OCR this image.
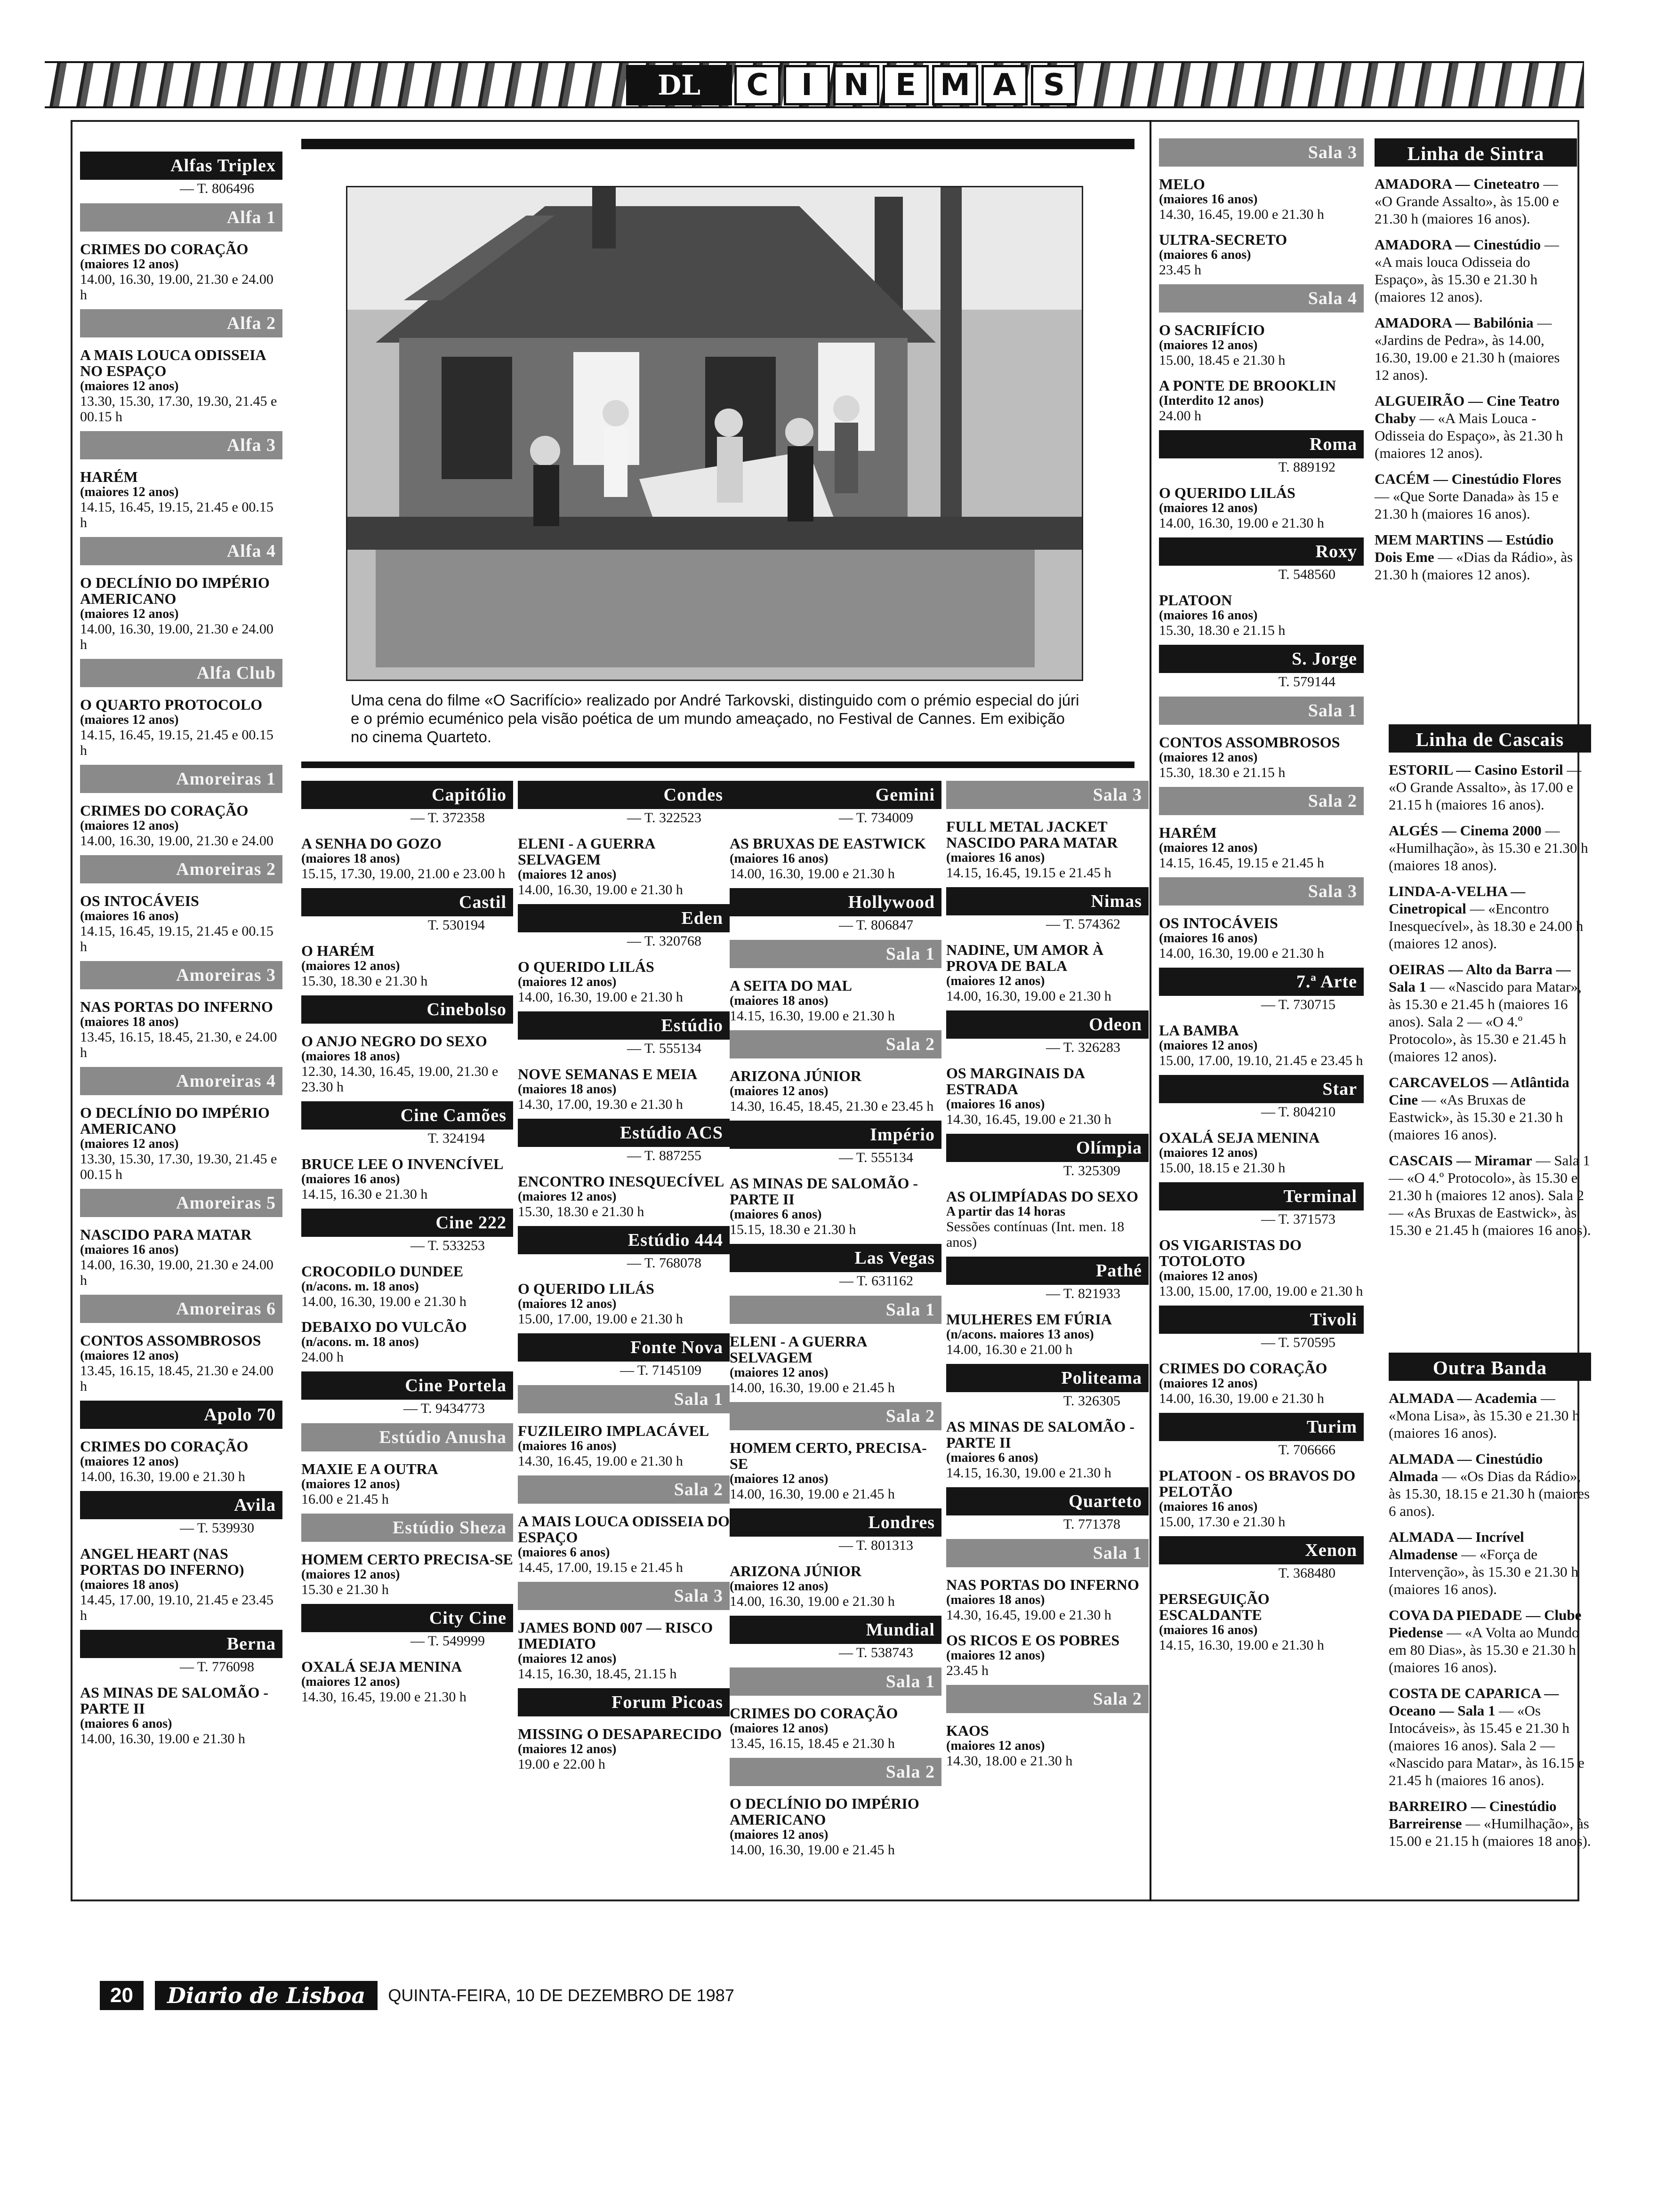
DL	C	I	N E M A S
Uma cena do filme «O Sacrifício» realizado por André Tarkovski, distinguido com o prémio especial do júri e o prémio ecuménico pela visão poética de um mundo ameaçado, no Festival de Cannes. Em exibição no cinema Quarteto.
Alfas Triplex
— T. 806496
Alfa 1
CRIMES DO CORAÇÃO
(maiores 12 anos)
14.00, 16.30, 19.00, 21.30 e 24.00 h
Alfa 2
A MAIS LOUCA ODISSEIA NO ESPAÇO
(maiores 12 anos)
13.30, 15.30, 17.30, 19.30, 21.45 e 00.15 h
Alfa 3
HARÉM
(maiores 12 anos)
14.15, 16.45, 19.15, 21.45 e 00.15 h
Alfa 4
O DECLÍNIO DO IMPÉRIO AMERICANO
(maiores 12 anos)
14.00, 16.30, 19.00, 21.30 e 24.00 h
Alfa Club
O QUARTO PROTOCOLO
(maiores 12 anos)
14.15, 16.45, 19.15, 21.45 e 00.15 h
Amoreiras 1
CRIMES DO CORAÇÃO
(maiores 12 anos)
14.00, 16.30, 19.00, 21.30 e 24.00
Amoreiras 2
OS INTOCÁVEIS
(maiores 16 anos)
14.15, 16.45, 19.15, 21.45 e 00.15 h
Amoreiras 3
NAS PORTAS DO INFERNO
(maiores 18 anos)
13.45, 16.15, 18.45, 21.30, e 24.00 h
Amoreiras 4
O DECLÍNIO DO IMPÉRIO AMERICANO
(maiores 12 anos)
13.30, 15.30, 17.30, 19.30, 21.45 e 00.15 h
Amoreiras 5
NASCIDO PARA MATAR
(maiores 16 anos)
14.00, 16.30, 19.00, 21.30 e 24.00 h
Amoreiras 6
CONTOS ASSOMBROSOS
(maiores 12 anos)
13.45, 16.15, 18.45, 21.30 e 24.00 h
Apolo 70
CRIMES DO CORAÇÃO
(maiores 12 anos)
14.00, 16.30, 19.00 e 21.30 h
Avila
— T. 539930
ANGEL HEART (NAS PORTAS DO INFERNO)
(maiores 18 anos)
14.45, 17.00, 19.10, 21.45 e 23.45 h
Berna
— T. 776098
AS MINAS DE SALOMÃO - PARTE II
(maiores 6 anos)
14.00, 16.30, 19.00 e 21.30 h
Capitólio
— T. 372358
A SENHA DO GOZO
(maiores 18 anos)
15.15, 17.30, 19.00, 21.00 e 23.00 h
Castil
T. 530194
O HARÉM
(maiores 12 anos)
15.30, 18.30 e 21.30 h
Cinebolso
O ANJO NEGRO DO SEXO
(maiores 18 anos)
12.30, 14.30, 16.45, 19.00, 21.30 e 23.30 h
Cine Camões
T. 324194
BRUCE LEE O INVENCÍVEL
(maiores 16 anos)
14.15, 16.30 e 21.30 h
Cine 222
— T. 533253
CROCODILO DUNDEE
(n/acons. m. 18 anos)
14.00, 16.30, 19.00 e 21.30 h
DEBAIXO DO VULCÃO
(n/acons. m. 18 anos)
24.00 h
Cine Portela
— T. 9434773
Estúdio Anusha
MAXIE E A OUTRA
(maiores 12 anos)
16.00 e 21.45 h
Estúdio Sheza
HOMEM CERTO PRECISA-SE
(maiores 12 anos)
15.30 e 21.30 h
City Cine
— T. 549999
OXALÁ SEJA MENINA
(maiores 12 anos)
14.30, 16.45, 19.00 e 21.30 h
Condes
— T. 322523
ELENI - A GUERRA SELVAGEM
(maiores 12 anos)
14.00, 16.30, 19.00 e 21.30 h
Eden
— T. 320768
O QUERIDO LILÁS
(maiores 12 anos)
14.00, 16.30, 19.00 e 21.30 h
Estúdio
— T. 555134
NOVE SEMANAS E MEIA
(maiores 18 anos)
14.30, 17.00, 19.30 e 21.30 h
Estúdio ACS
— T. 887255
ENCONTRO INESQUECÍVEL
(maiores 12 anos)
15.30, 18.30 e 21.30 h
Estúdio 444
— T. 768078
O QUERIDO LILÁS
(maiores 12 anos)
15.00, 17.00, 19.00 e 21.30 h
Fonte Nova
— T. 7145109
Sala 1
FUZILEIRO IMPLACÁVEL
(maiores 16 anos)
14.30, 16.45, 19.00 e 21.30 h
Sala 2
A MAIS LOUCA ODISSEIA DO ESPAÇO
(maiores 6 anos)
14.45, 17.00, 19.15 e 21.45 h
Sala 3
JAMES BOND 007 — RISCO IMEDIATO
(maiores 12 anos)
14.15, 16.30, 18.45, 21.15 h
Forum Picoas
MISSING O DESAPARECIDO
(maiores 12 anos)
19.00 e 22.00 h
Gemini
— T. 734009
AS BRUXAS DE EASTWICK
(maiores 16 anos)
14.00, 16.30, 19.00 e 21.30 h
Hollywood
— T. 806847
Sala 1
A SEITA DO MAL
(maiores 18 anos)
14.15, 16.30, 19.00 e 21.30 h
Sala 2
ARIZONA JÚNIOR
(maiores 12 anos)
14.30, 16.45, 18.45, 21.30 e 23.45 h
Império
— T. 555134
AS MINAS DE SALOMÃO - PARTE II
(maiores 6 anos)
15.15, 18.30 e 21.30 h
Las Vegas
— T. 631162
Sala 1
ELENI - A GUERRA SELVAGEM
(maiores 12 anos)
14.00, 16.30, 19.00 e 21.45 h
Sala 2
HOMEM CERTO, PRECISA-SE
(maiores 12 anos)
14.00, 16.30, 19.00 e 21.45 h
Londres
— T. 801313
ARIZONA JÚNIOR
(maiores 12 anos)
14.00, 16.30, 19.00 e 21.30 h
Mundial
— T. 538743
Sala 1
CRIMES DO CORAÇÃO
(maiores 12 anos)
13.45, 16.15, 18.45 e 21.30 h
Sala 2
O DECLÍNIO DO IMPÉRIO AMERICANO
(maiores 12 anos)
14.00, 16.30, 19.00 e 21.45 h
Sala 3
FULL METAL JACKET NASCIDO PARA MATAR
(maiores 16 anos)
14.15, 16.45, 19.15 e 21.45 h
Nimas
— T. 574362
NADINE, UM AMOR À PROVA DE BALA
(maiores 12 anos)
14.00, 16.30, 19.00 e 21.30 h
Odeon
— T. 326283
OS MARGINAIS DA ESTRADA
(maiores 16 anos)
14.30, 16.45, 19.00 e 21.30 h
Olímpia
T. 325309
AS OLIMPÍADAS DO SEXO
A partir das 14 horas
Sessões contínuas (Int. men. 18 anos)
Pathé
— T. 821933
MULHERES EM FÚRIA
(n/acons. maiores 13 anos)
14.00, 16.30 e 21.00 h
Politeama
T. 326305
AS MINAS DE SALOMÃO - PARTE II
(maiores 6 anos)
14.15, 16.30, 19.00 e 21.30 h
Quarteto
T. 771378
Sala 1
NAS PORTAS DO INFERNO
(maiores 18 anos)
14.30, 16.45, 19.00 e 21.30 h
OS RICOS E OS POBRES
(maiores 12 anos)
23.45 h
Sala 2
KAOS
(maiores 12 anos)
14.30, 18.00 e 21.30 h
Sala 3
MELO
(maiores 16 anos)
14.30, 16.45, 19.00 e 21.30 h
ULTRA-SECRETO
(maiores 6 anos)
23.45 h
Sala 4
O SACRIFÍCIO
(maiores 12 anos)
15.00, 18.45 e 21.30 h
A PONTE DE BROOKLIN
(Interdito 12 anos)
24.00 h
Roma
T. 889192
O QUERIDO LILÁS
(maiores 12 anos)
14.00, 16.30, 19.00 e 21.30 h
Roxy
T. 548560
PLATOON
(maiores 16 anos)
15.30, 18.30 e 21.15 h
S. Jorge
T. 579144
Sala 1
CONTOS ASSOMBROSOS
(maiores 12 anos)
15.30, 18.30 e 21.15 h
Sala 2
HARÉM
(maiores 12 anos)
14.15, 16.45, 19.15 e 21.45 h
Sala 3
OS INTOCÁVEIS
(maiores 16 anos)
14.00, 16.30, 19.00 e 21.30 h
7.ª Arte
— T. 730715
LA BAMBA
(maiores 12 anos)
15.00, 17.00, 19.10, 21.45 e 23.45 h
Star
— T. 804210
OXALÁ SEJA MENINA
(maiores 12 anos)
15.00, 18.15 e 21.30 h
Terminal
— T. 371573
OS VIGARISTAS DO TOTOLOTO
(maiores 12 anos)
13.00, 15.00, 17.00, 19.00 e 21.30 h
Tivoli
— T. 570595
CRIMES DO CORAÇÃO
(maiores 12 anos)
14.00, 16.30, 19.00 e 21.30 h
Turim
T. 706666
PLATOON - OS BRAVOS DO PELOTÃO
(maiores 16 anos)
15.00, 17.30 e 21.30 h
Xenon
T. 368480
PERSEGUIÇÃO ESCALDANTE
(maiores 16 anos)
14.15, 16.30, 19.00 e 21.30 h
Linha de Sintra
AMADORA — Cineteatro — «O Grande Assalto», às 15.00 e 21.30 h (maiores 16 anos).
AMADORA — Cinestúdio — «A mais louca Odisseia do Espaço», às 15.30 e 21.30 h (maiores 12 anos).
AMADORA — Babilónia — «Jardins de Pedra», às 14.00, 16.30, 19.00 e 21.30 h (maiores 12 anos).
ALGUEIRÃO — Cine Teatro Chaby — «A Mais Louca - Odisseia do Espaço», às 21.30 h (maiores 12 anos).
CACÉM — Cinestúdio Flores — «Que Sorte Danada» às 15 e 21.30 h (maiores 16 anos).
MEM MARTINS — Estúdio Dois Eme — «Dias da Rádio», às 21.30 h (maiores 12 anos).
Linha de Cascais
ESTORIL — Casino Estoril — «O Grande Assalto», às 17.00 e 21.15 h (maiores 16 anos).
ALGÉS — Cinema 2000 — «Humilhação», às 15.30 e 21.30 h (maiores 18 anos).
LINDA-A-VELHA — Cinetropical — «Encontro Inesquecível», às 18.30 e 24.00 h (maiores 12 anos).
OEIRAS — Alto da Barra — Sala 1 — «Nascido para Matar», às 15.30 e 21.45 h (maiores 16 anos). Sala 2 — «O 4.º Protocolo», às 15.30 e 21.45 h (maiores 12 anos).
CARCAVELOS — Atlântida Cine — «As Bruxas de Eastwick», às 15.30 e 21.30 h (maiores 16 anos).
CASCAIS — Miramar — Sala 1 — «O 4.º Protocolo», às 15.30 e 21.30 h (maiores 12 anos). Sala 2 — «As Bruxas de Eastwick», às 15.30 e 21.45 h (maiores 16 anos).
Outra Banda
ALMADA — Academia — «Mona Lisa», às 15.30 e 21.30 h (maiores 16 anos).
ALMADA — Cinestúdio Almada — «Os Dias da Rádio», às 15.30, 18.15 e 21.30 h (maiores 6 anos).
ALMADA — Incrível Almadense — «Força de Intervenção», às 15.30 e 21.30 h (maiores 16 anos).
COVA DA PIEDADE — Clube Piedense — «A Volta ao Mundo em 80 Dias», às 15.30 e 21.30 h (maiores 16 anos).
COSTA DE CAPARICA — Oceano — Sala 1 — «Os Intocáveis», às 15.45 e 21.30 h (maiores 16 anos). Sala 2 — «Nascido para Matar», às 16.15 e 21.45 h (maiores 16 anos).
BARREIRO — Cinestúdio Barreirense — «Humilhação», às 15.00 e 21.15 h (maiores 18 anos).
20	Diario de Lisboa	QUINTA-FEIRA, 10 DE DEZEMBRO DE 1987
